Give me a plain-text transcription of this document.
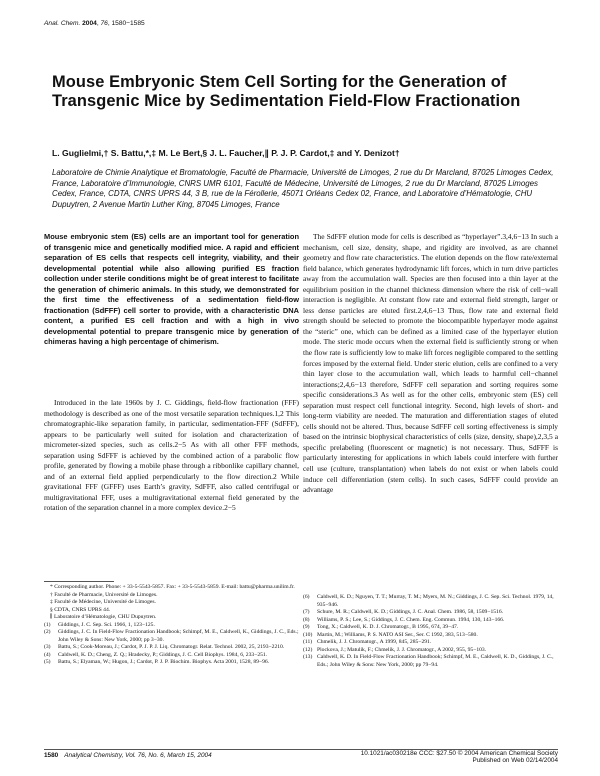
Anal. Chem. 2004, 76, 1580−1585
Mouse Embryonic Stem Cell Sorting for the Generation of Transgenic Mice by Sedimentation Field-Flow Fractionation
L. Guglielmi,† S. Battu,*,‡ M. Le Bert,§ J. L. Faucher,∥ P. J. P. Cardot,‡ and Y. Denizot†
Laboratoire de Chimie Analytique et Bromatologie, Faculté de Pharmacie, Université de Limoges, 2 rue du Dr Marcland, 87025 Limoges Cedex, France, Laboratoire d’Immunologie, CNRS UMR 6101, Faculté de Médecine, Université de Limoges, 2 rue du Dr Marcland, 87025 Limoges Cedex, France, CDTA, CNRS UPRS 44, 3 B, rue de la Férollerie, 45071 Orléans Cedex 02, France, and Laboratoire d’Hématologie, CHU Dupuytren, 2 Avenue Martin Luther King, 87045 Limoges, France

Mouse embryonic stem (ES) cells are an important tool for generation of transgenic mice and genetically modified mice. A rapid and efficient separation of ES cells that respects cell integrity, viability, and their developmental potential while also allowing purified ES fraction collection under sterile conditions might be of great interest to facilitate the generation of chimeric animals. In this study, we demonstrated for the first time the effectiveness of a sedimentation field-flow fractionation (SdFFF) cell sorter to provide, with a characteristic DNA content, a purified ES cell fraction and with a high in vivo developmental potential to prepare transgenic mice by generation of chimeras having a high percentage of chimerism.

Introduced in the late 1960s by J. C. Giddings, field-flow fractionation (FFF) methodology is described as one of the most versatile separation techniques.1,2 This chromatographic-like separation family, in particular, sedimentation-FFF (SdFFF), appears to be particularly well suited for isolation and characterization of micrometer-sized species, such as cells.2−5 As with all other FFF methods, separation using SdFFF is achieved by the combined action of a parabolic flow profile, generated by flowing a mobile phase through a ribbonlike capillary channel, and of an external field applied perpendicularly to the flow direction.2 While gravitational FFF (GFFF) uses Earth’s gravity, SdFFF, also called centrifugal or multigravitational FFF, uses a multigravitational external field generated by the rotation of the separation channel in a more complex device.2−5

The SdFFF elution mode for cells is described as “hyperlayer”.3,4,6−13 In such a mechanism, cell size, density, shape, and rigidity are involved, as are channel geometry and flow rate characteristics. The elution depends on the flow rate/external field balance, which generates hydrodynamic lift forces, which in turn drive particles away from the accumulation wall. Species are then focused into a thin layer at the equilibrium position in the channel thickness dimension where the risk of cell−wall interaction is negligible. At constant flow rate and external field strength, larger or less dense particles are eluted first.2,4,6−13 Thus, flow rate and external field strength should be selected to promote the biocompatible hyperlayer mode against the “steric” one, which can be defined as a limited case of the hyperlayer elution mode. The steric mode occurs when the external field is sufficiently strong or when the flow rate is sufficiently low to make lift forces negligible compared to the settling forces imposed by the external field. Under steric elution, cells are confined to a very thin layer close to the accumulation wall, which leads to harmful cell−channel interactions;2,4,6−13 therefore, SdFFF cell separation and sorting requires some specific considerations.3 As well as for the other cells, embryonic stem (ES) cell separation must respect cell functional integrity. Second, high levels of short- and long-term viability are needed. The maturation and differentiation stages of eluted cells should not be altered. Thus, because SdFFF cell sorting effectiveness is simply based on the intrinsic biophysical characteristics of cells (size, density, shape),2,3,5 a specific prelabeling (fluorescent or magnetic) is not necessary. Thus, SdFFF is particularly interesting for applications in which labels could interfere with further cell use (culture, transplantation) when labels do not exist or when labels could induce cell differentiation (stem cells). In such cases, SdFFF could provide an advantage

* Corresponding author. Phone: + 33-5-5543-5857. Fax: + 33-5-5543-5859. E-mail: battu@pharma.unilim.fr.
† Faculté de Pharmacie, Université de Limoges.
‡ Faculté de Médecine, Université de Limoges.
§ CDTA, CNRS UPRS 44.
∥ Laboratoire d’Hématologie, CHU Dupuytren.
(1)	Giddings, J. C. Sep. Sci. 1966, 1, 123−125.
(2)	Giddings, J. C. In Field-Flow Fractionation Handbook; Schimpf, M. E., Caldwell, K., Giddings, J. C., Eds.; John Wiley & Sons: New York, 2000; pp 3−30.
(3)	Battu, S.; Cook-Moreau, J.; Cardot, P. J. P. J. Liq. Chromatogr. Relat. Technol. 2002, 25, 2193−2210.
(4)	Caldwell, K. D.; Cheng, Z. Q.; Hradecky, P.; Giddings, J. C. Cell Biophys. 1984, 6, 233−251.
(5)	Battu, S.; Elyaman, W.; Hugon, J.; Cardot, P. J. P. Biochim. Biophys. Acta 2001, 1528, 89−96.
(6)	Caldwell, K. D.; Nguyen, T. T.; Murray, T. M.; Myers, M. N.; Giddings, J. C. Sep. Sci. Technol. 1979, 14, 935−946.
(7)	Schure, M. R.; Caldwell, K. D.; Giddings, J. C. Anal. Chem. 1986, 58, 1509−1516.
(8)	Williams, P. S.; Lee, S.; Giddings, J. C. Chem. Eng. Commun. 1994, 130, 143−166.
(9)	Tong, X.; Caldwell, K. D. J. Chromatogr., B 1995, 674, 39−47.
(10) Martin, M.; Williams, P. S. NATO ASI Ser., Ser. C 1992, 383, 513−580.
(11) Chmelik, J. J. Chromatogr., A 1999, 845, 285−291.
(12) Plockova, J.; Matulik, F.; Chmelik, J. J. Chromatogr., A 2002, 955, 95−103.
(13) Caldwell, K. D. In Field-Flow Fractionation Handbook; Schimpf, M. E., Caldwell, K. D., Giddings, J. C., Eds.; John Wiley & Sons: New York, 2000; pp 79−94.
1580 Analytical Chemistry, Vol. 76, No. 6, March 15, 2004	10.1021/ac030218e CCC: $27.50 © 2004 American Chemical Society
Published on Web 02/14/2004
